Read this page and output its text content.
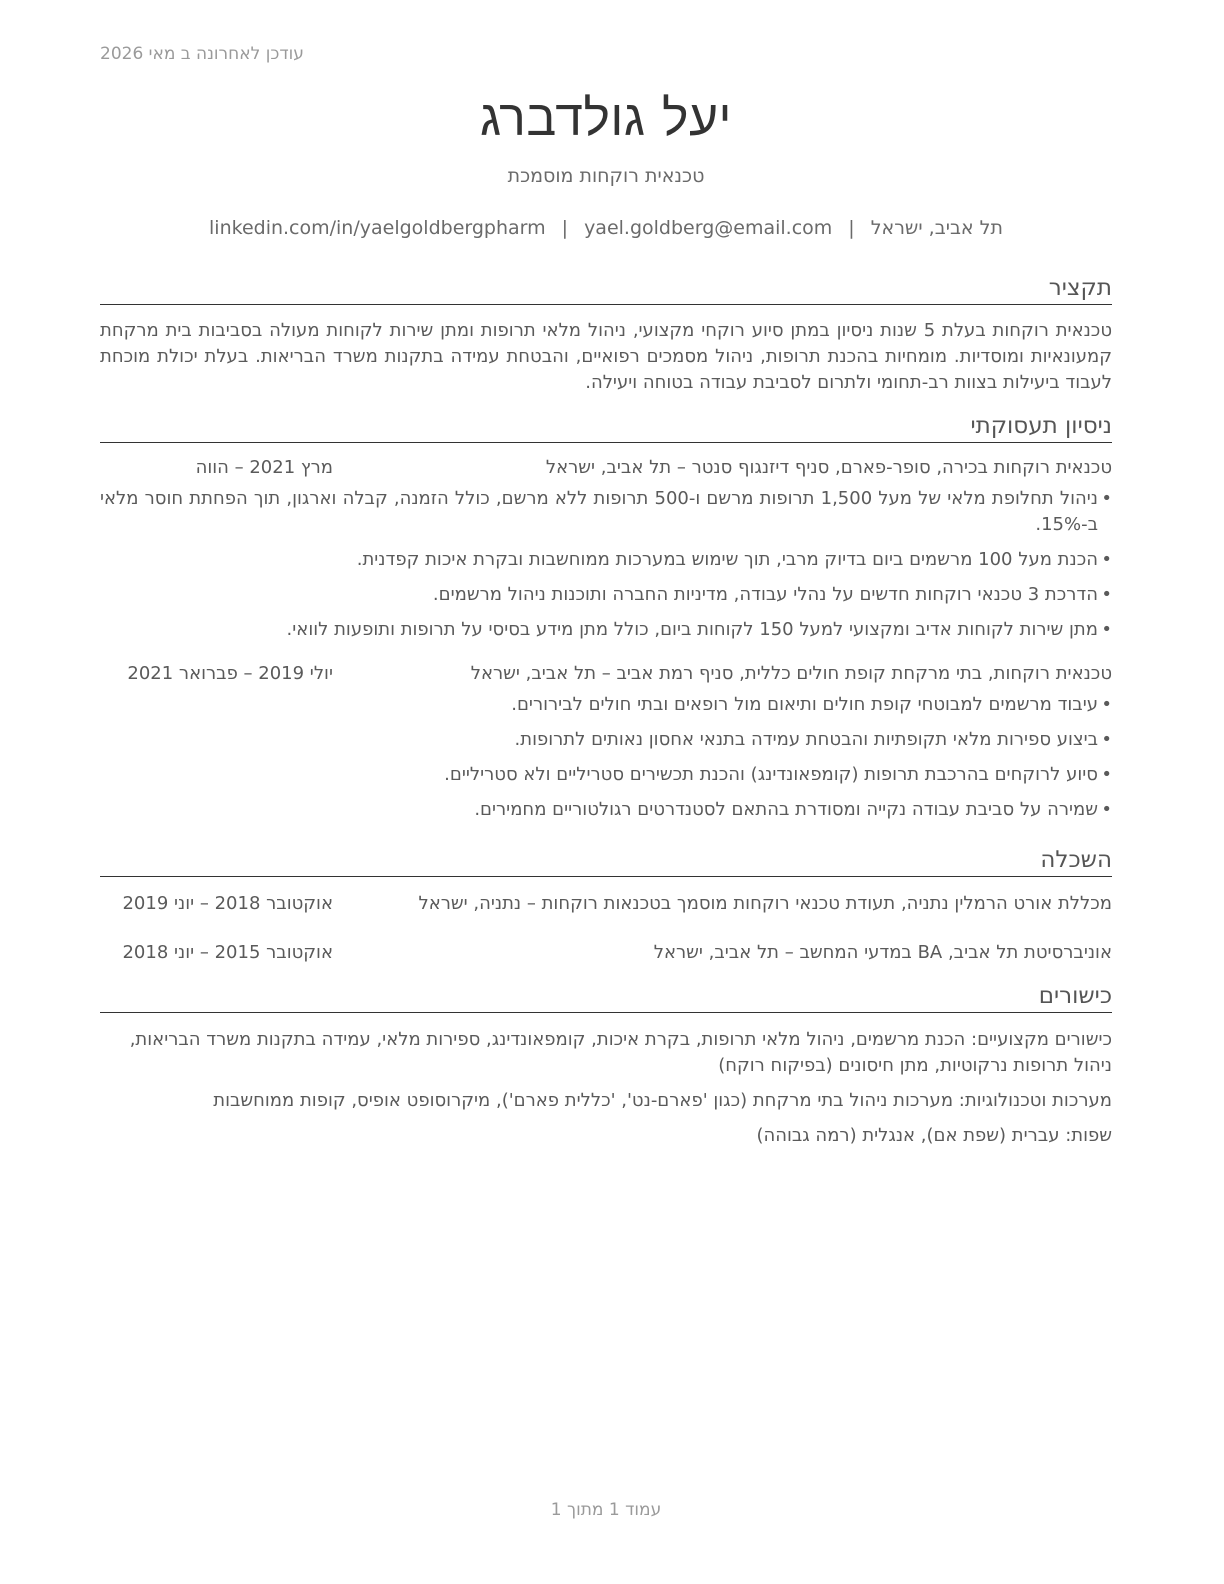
עודכן לאחרונה ב מאי 2026
יעל גולדברג
טכנאית רוקחות מוסמכת
תל אביב, ישראל|yael.goldberg@email.com|linkedin.com/in/yaelgoldbergpharm
תקציר

טכנאית רוקחות בעלת 5 שנות ניסיון במתן סיוע רוקחי מקצועי, ניהול מלאי תרופות ומתן שירות לקוחות מעולה בסביבות בית מרקחת קמעונאיות ומוסדיות. מומחיות בהכנת תרופות, ניהול מסמכים רפואיים, והבטחת עמידה בתקנות משרד הבריאות. בעלת יכולת מוכחת לעבוד ביעילות בצוות רב-תחומי ולתרום לסביבת עבודה בטוחה ויעילה.

ניסיון תעסוקתי
טכנאית רוקחות בכירה, סופר-פארם, סניף דיזנגוף סנטר – תל אביב, ישראל
מרץ 2021 – הווה
•
ניהול תחלופת מלאי של מעל 1,500 תרופות מרשם ו-500 תרופות ללא מרשם, כולל הזמנה, קבלה וארגון, תוך הפחתת חוסר מלאי ב-15%.
•
הכנת מעל 100 מרשמים ביום בדיוק מרבי, תוך שימוש במערכות ממוחשבות ובקרת איכות קפדנית.
•
הדרכת 3 טכנאי רוקחות חדשים על נהלי עבודה, מדיניות החברה ותוכנות ניהול מרשמים.
•
מתן שירות לקוחות אדיב ומקצועי למעל 150 לקוחות ביום, כולל מתן מידע בסיסי על תרופות ותופעות לוואי.
טכנאית רוקחות, בתי מרקחת קופת חולים כללית, סניף רמת אביב – תל אביב, ישראל
יולי 2019 – פברואר 2021
•
עיבוד מרשמים למבוטחי קופת חולים ותיאום מול רופאים ובתי חולים לבירורים.
•
ביצוע ספירות מלאי תקופתיות והבטחת עמידה בתנאי אחסון נאותים לתרופות.
•
סיוע לרוקחים בהרכבת תרופות (קומפאונדינג) והכנת תכשירים סטריליים ולא סטריליים.
•
שמירה על סביבת עבודה נקייה ומסודרת בהתאם לסטנדרטים רגולטוריים מחמירים.
השכלה
מכללת אורט הרמלין נתניה, תעודת טכנאי רוקחות מוסמך בטכנאות רוקחות – נתניה, ישראל
אוקטובר 2018 – יוני 2019
אוניברסיטת תל אביב, BA במדעי המחשב – תל אביב, ישראל
אוקטובר 2015 – יוני 2018
כישורים

כישורים מקצועיים: הכנת מרשמים, ניהול מלאי תרופות, בקרת איכות, קומפאונדינג, ספירות מלאי, עמידה בתקנות משרד הבריאות, ניהול תרופות נרקוטיות, מתן חיסונים (בפיקוח רוקח)

מערכות וטכנולוגיות: מערכות ניהול בתי מרקחת (כגון 'פארם-נט', 'כללית פארם'), מיקרוסופט אופיס, קופות ממוחשבות

שפות: עברית (שפת אם), אנגלית (רמה גבוהה)

עמוד 1 מתוך 1
